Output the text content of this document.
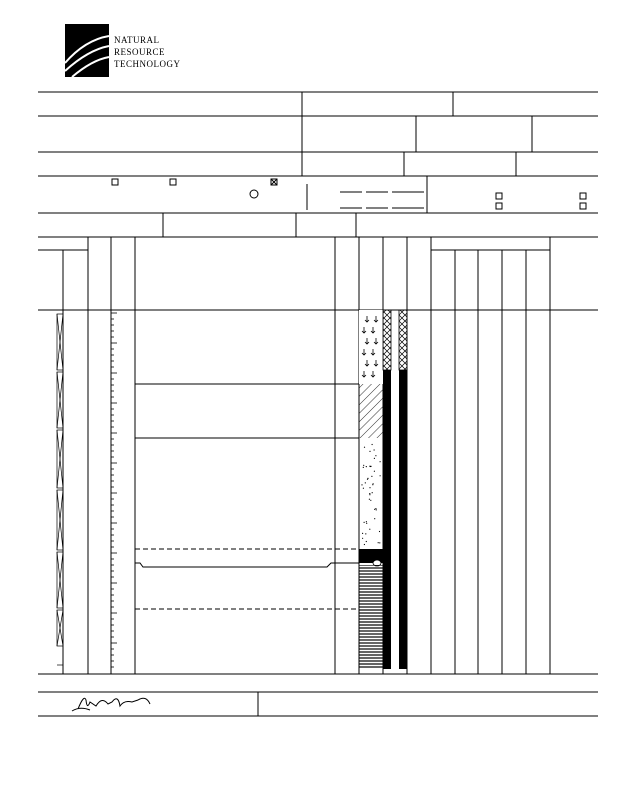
NATURAL
RESOURCE
TECHNOLOGY
